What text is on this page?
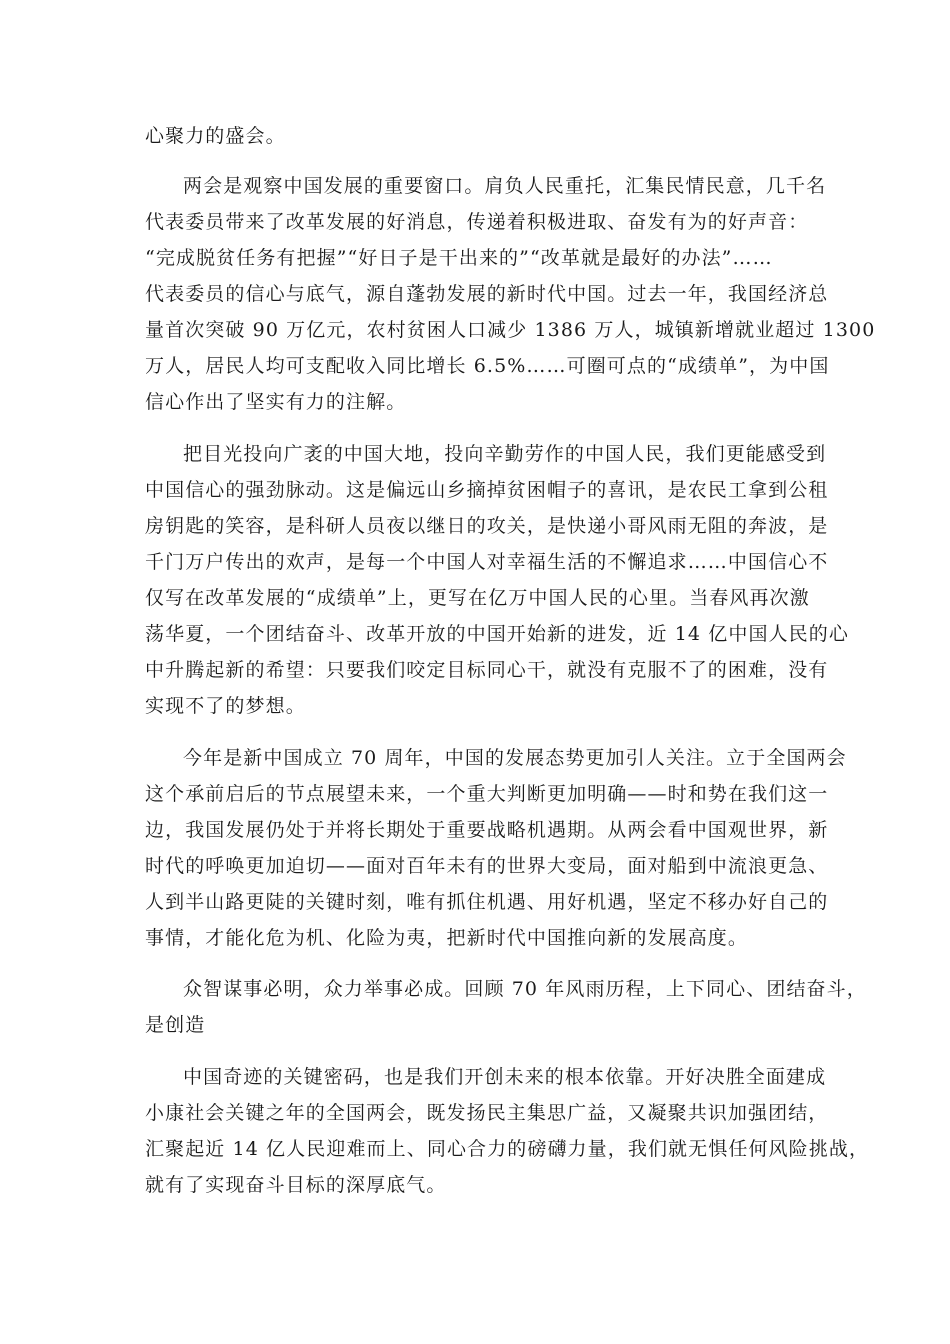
心聚力的盛会。
两会是观察中国发展的重要窗口。肩负人民重托，汇集民情民意，几千名
代表委员带来了改革发展的好消息，传递着积极进取、奋发有为的好声音：
“完成脱贫任务有把握”“好日子是干出来的”“改革就是最好的办法”……
代表委员的信心与底气，源自蓬勃发展的新时代中国。过去一年，我国经济总
量首次突破 90 万亿元，农村贫困人口减少 1386 万人，城镇新增就业超过 1300
万人，居民人均可支配收入同比增长 6.5%……可圈可点的“成绩单”，为中国
信心作出了坚实有力的注解。
把目光投向广袤的中国大地，投向辛勤劳作的中国人民，我们更能感受到
中国信心的强劲脉动。这是偏远山乡摘掉贫困帽子的喜讯，是农民工拿到公租
房钥匙的笑容，是科研人员夜以继日的攻关，是快递小哥风雨无阻的奔波，是
千门万户传出的欢声，是每一个中国人对幸福生活的不懈追求……中国信心不
仅写在改革发展的“成绩单”上，更写在亿万中国人民的心里。当春风再次激
荡华夏，一个团结奋斗、改革开放的中国开始新的进发，近 14 亿中国人民的心
中升腾起新的希望：只要我们咬定目标同心干，就没有克服不了的困难，没有
实现不了的梦想。
今年是新中国成立 70 周年，中国的发展态势更加引人关注。立于全国两会
这个承前启后的节点展望未来，一个重大判断更加明确——时和势在我们这一
边，我国发展仍处于并将长期处于重要战略机遇期。从两会看中国观世界，新
时代的呼唤更加迫切——面对百年未有的世界大变局，面对船到中流浪更急、
人到半山路更陡的关键时刻，唯有抓住机遇、用好机遇，坚定不移办好自己的
事情，才能化危为机、化险为夷，把新时代中国推向新的发展高度。
众智谋事必明，众力举事必成。回顾 70 年风雨历程，上下同心、团结奋斗，
是创造
中国奇迹的关键密码，也是我们开创未来的根本依靠。开好决胜全面建成
小康社会关键之年的全国两会，既发扬民主集思广益，又凝聚共识加强团结，
汇聚起近 14 亿人民迎难而上、同心合力的磅礴力量，我们就无惧任何风险挑战，
就有了实现奋斗目标的深厚底气。
